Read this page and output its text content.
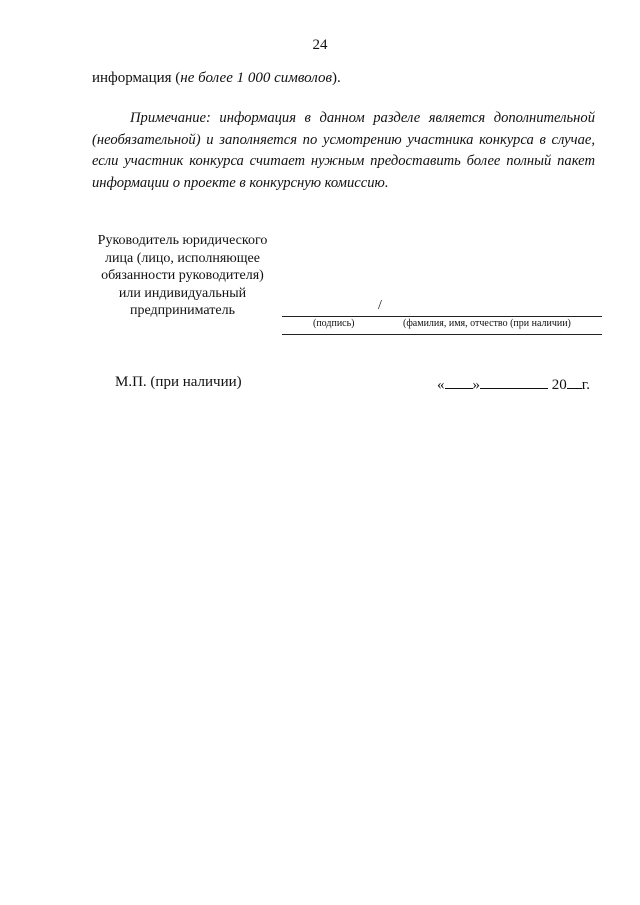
24
информация (не более 1 000 символов).

Примечание: информация в данном разделе является дополнительной (необязательной) и заполняется по усмотрению участника конкурса в случае, если участник конкурса считает нужным предоставить более полный пакет информации о проекте в конкурсную комиссию.

Руководитель юридического
лица (лицо, исполняющее
обязанности руководителя)
или индивидуальный
предприниматель	/
(подпись)	(фамилия, имя, отчество (при наличии)
М.П. (при наличии)	« »	20 г.
